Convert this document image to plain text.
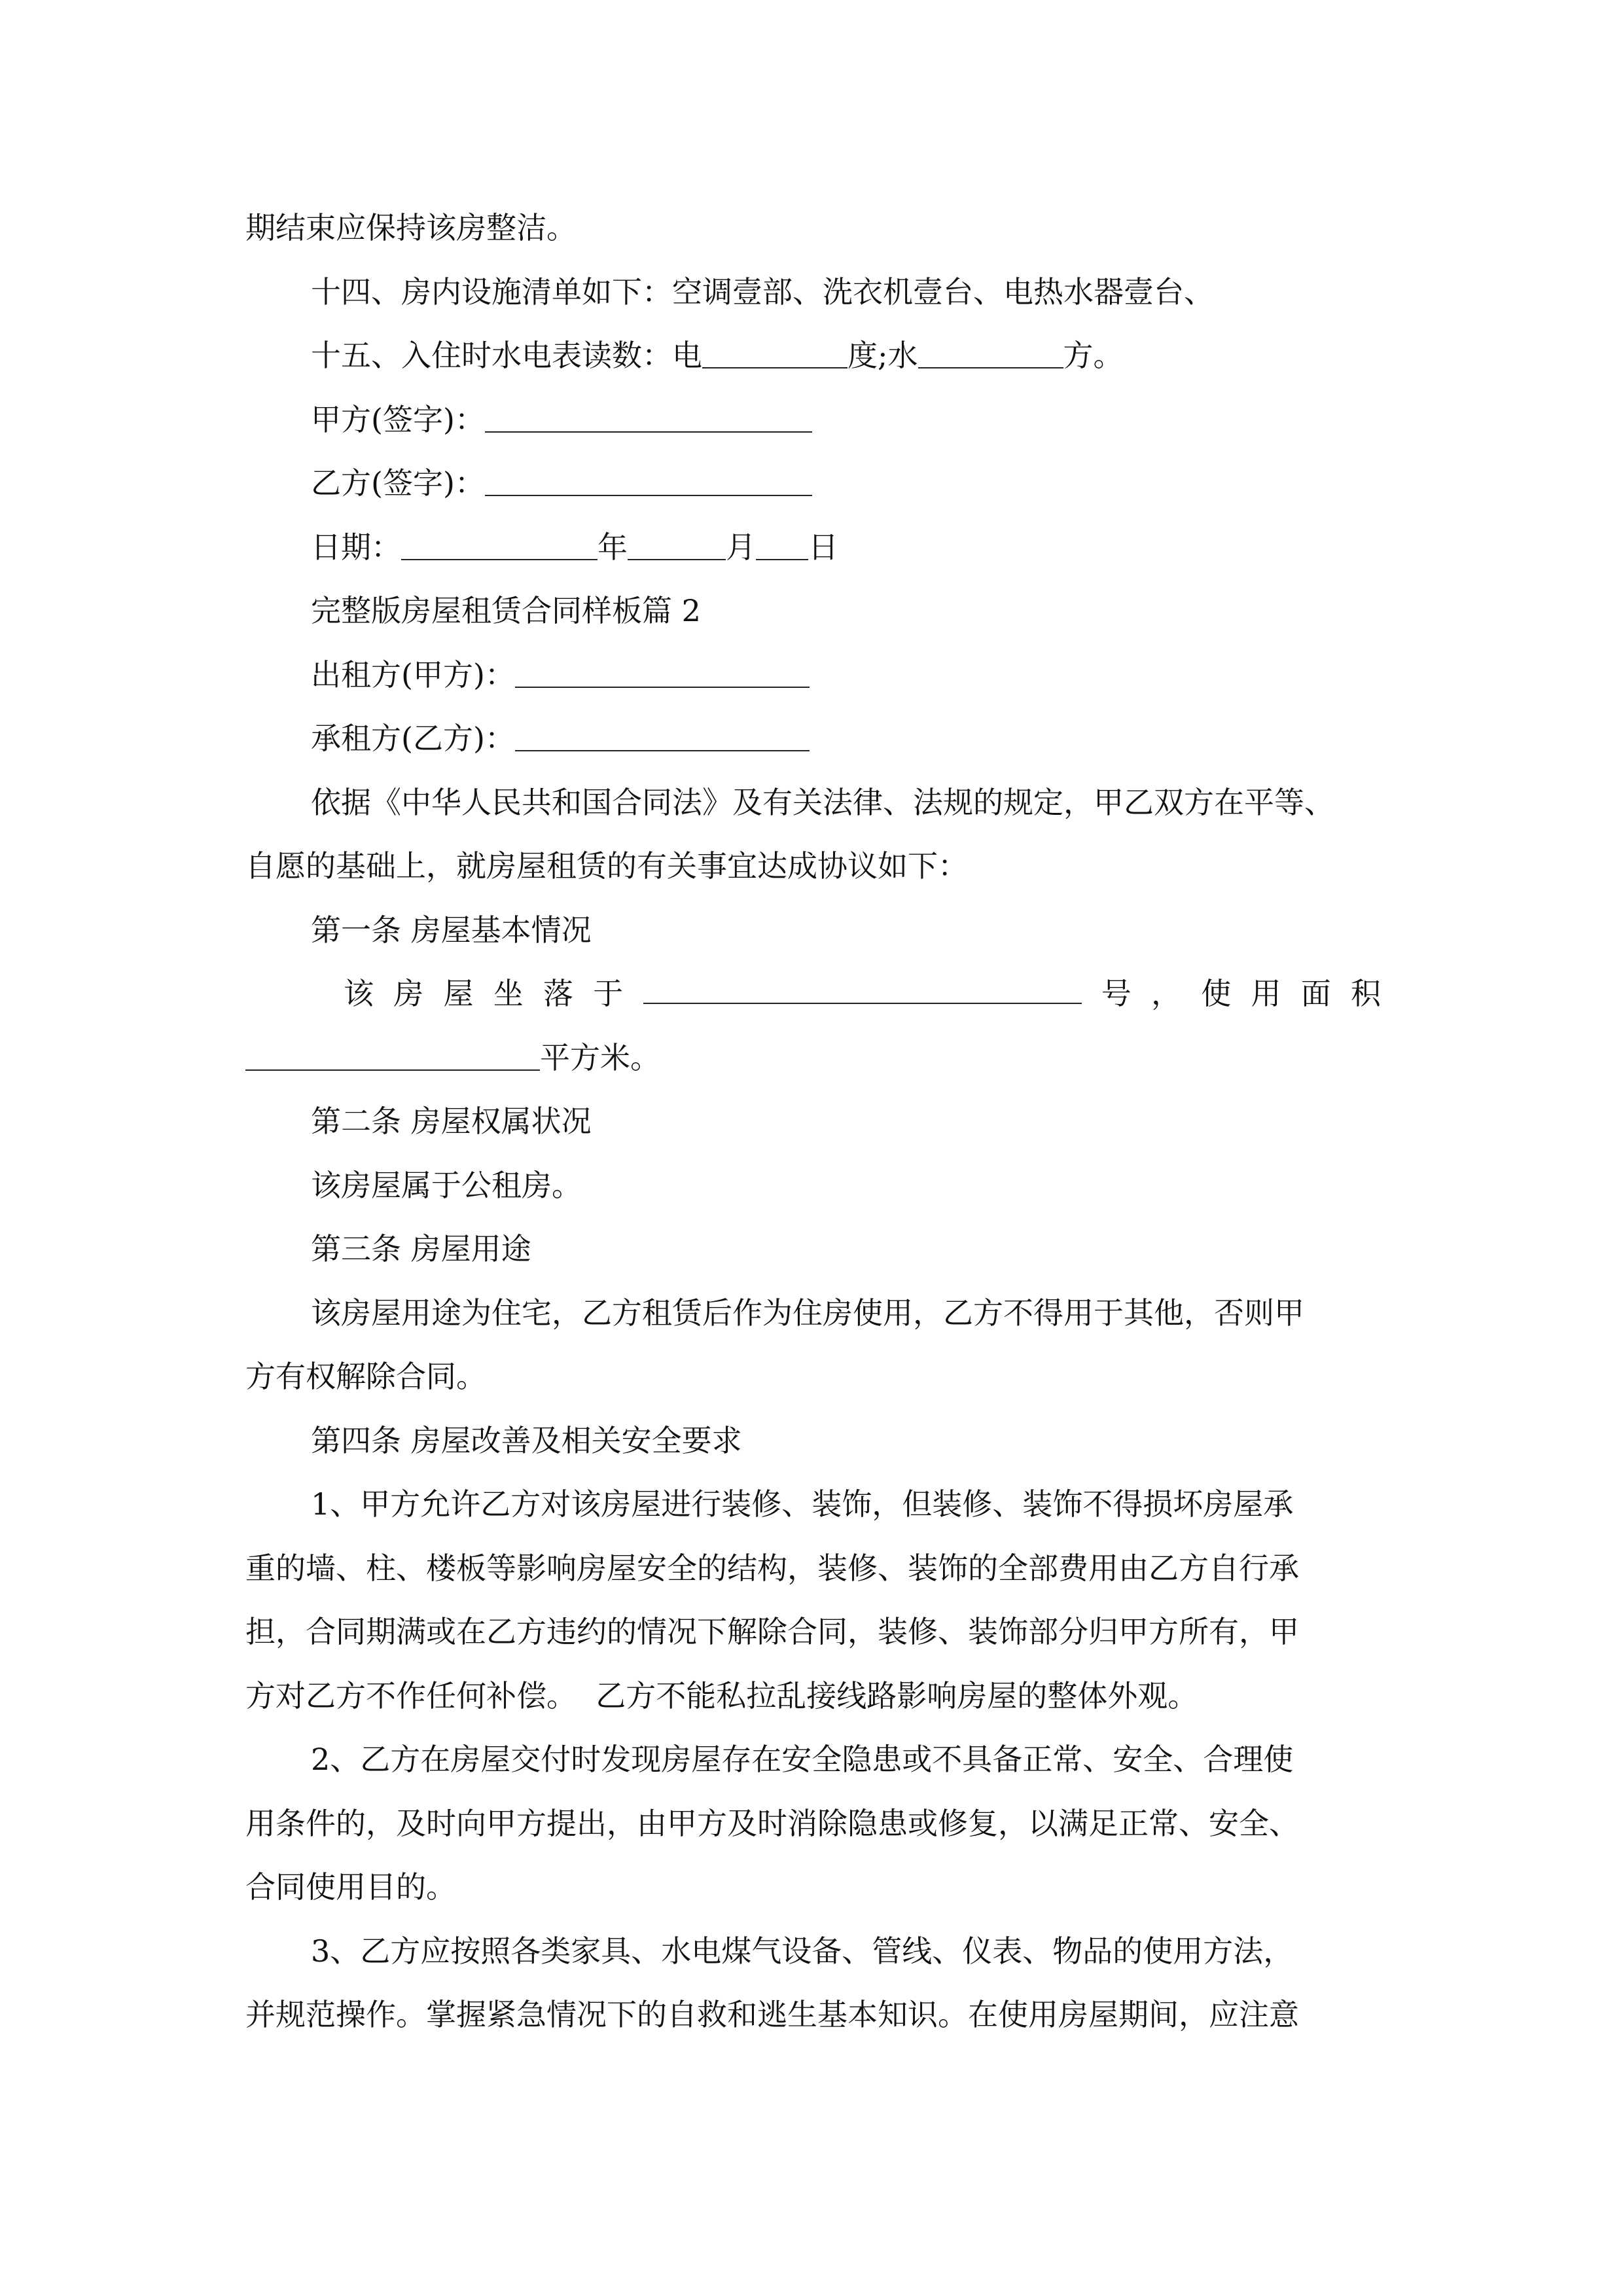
期结束应保持该房整洁。
十四、房内设施清单如下：空调壹部、洗衣机壹台、电热水器壹台、
十五、入住时水电表读数：电	度;水	方。
甲方(签字)：
乙方(签字)：
日期：	年	月 日
完整版房屋租赁合同样板篇 2
出租方(甲方)：
承租方(乙方)：
依据《中华人民共和国合同法》及有关法律、法规的规定，甲乙双方在平等、
自愿的基础上，就房屋租赁的有关事宜达成协议如下：
第一条 房屋基本情况
该 房 屋 坐 落 于	号 ， 使 用 面 积
平方米。
第二条 房屋权属状况
该房屋属于公租房。
第三条 房屋用途
该房屋用途为住宅，乙方租赁后作为住房使用，乙方不得用于其他，否则甲
方有权解除合同。
第四条 房屋改善及相关安全要求
1、甲方允许乙方对该房屋进行装修、装饰，但装修、装饰不得损坏房屋承
重的墙、柱、楼板等影响房屋安全的结构，装修、装饰的全部费用由乙方自行承
担，合同期满或在乙方违约的情况下解除合同，装修、装饰部分归甲方所有，甲
方对乙方不作任何补偿。  乙方不能私拉乱接线路影响房屋的整体外观。
2、乙方在房屋交付时发现房屋存在安全隐患或不具备正常、安全、合理使
用条件的，及时向甲方提出，由甲方及时消除隐患或修复，以满足正常、安全、
合同使用目的。
3、乙方应按照各类家具、水电煤气设备、管线、仪表、物品的使用方法，
并规范操作。掌握紧急情况下的自救和逃生基本知识。在使用房屋期间，应注意
